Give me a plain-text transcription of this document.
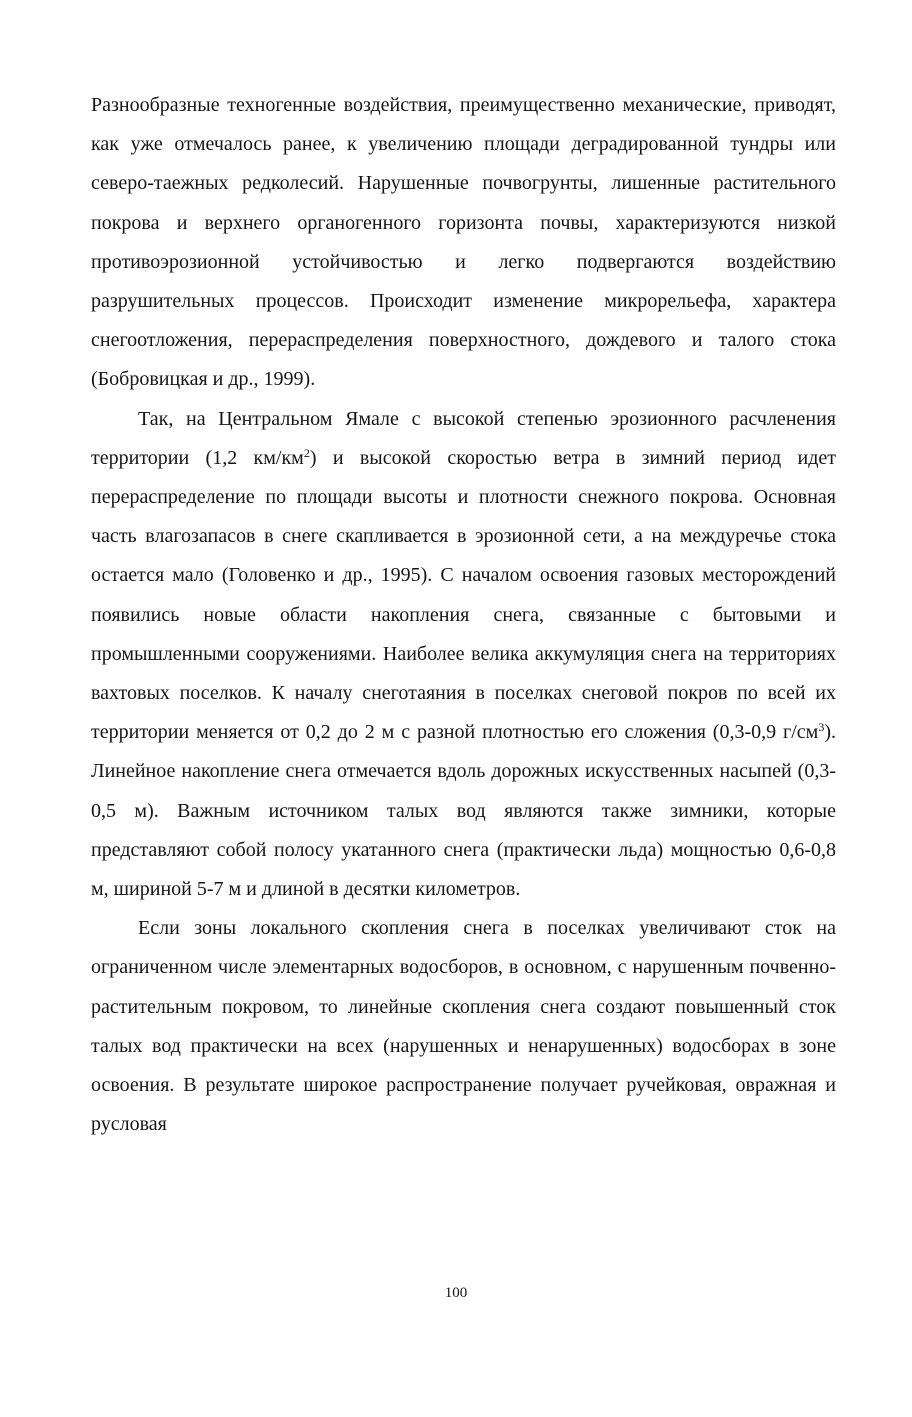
Разнообразные техногенные воздействия, преимущественно механические, приводят, как уже отмечалось ранее, к увеличению площади деградированной тундры или северо-таежных редколесий. Нарушенные почвогрунты, лишенные растительного покрова и верхнего органогенного горизонта почвы, характеризуются низкой противоэрозионной устойчивостью и легко подвергаются воздействию разрушительных процессов. Происходит изменение микрорельефа, характера снегоотложения, перераспределения поверхностного, дождевого и талого стока (Бобровицкая и др., 1999).

Так, на Центральном Ямале с высокой степенью эрозионного расчленения территории (1,2 $км/км^2$) и высокой скоростью ветра в зимний период идет перераспределение по площади высоты и плотности снежного покрова. Основная часть влагозапасов в снеге скапливается в эрозионной сети, а на междуречье стока остается мало (Головенко и др., 1995). С началом освоения газовых месторождений появились новые области накопления снега, связанные с бытовыми и промышленными сооружениями. Наиболее велика аккумуляция снега на территориях вахтовых поселков. К началу снеготаяния в поселках снеговой покров по всей их территории меняется от 0,2 до 2 м с разной плотностью его сложения (0,3-0,9 $г/см^3$). Линейное накопление снега отмечается вдоль дорожных искусственных насыпей (0,3-0,5 м). Важным источником талых вод являются также зимники, которые представляют собой полосу укатанного снега (практически льда) мощностью 0,6-0,8 м, шириной 5-7 м и длиной в десятки километров.

Если зоны локального скопления снега в поселках увеличивают сток на ограниченном числе элементарных водосборов, в основном, с нарушенным почвенно-растительным покровом, то линейные скопления снега создают повышенный сток талых вод практически на всех (нарушенных и ненарушенных) водосборах в зоне освоения. В результате широкое распространение получает ручейковая, овражная и русловая

100
